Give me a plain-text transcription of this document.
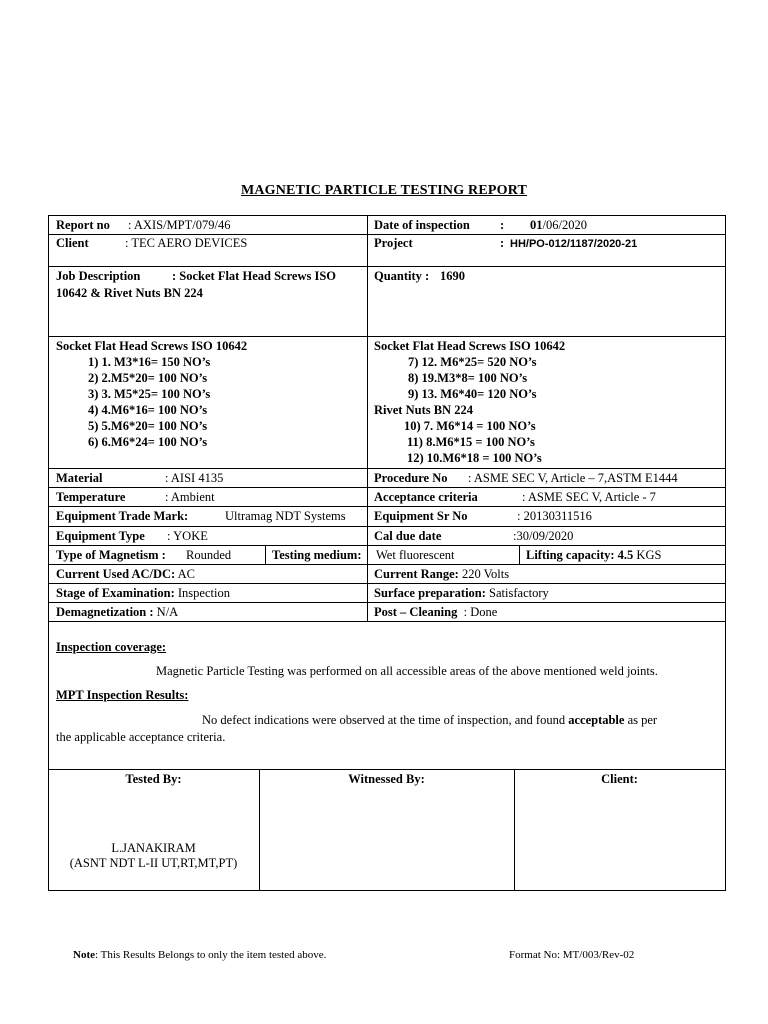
MAGNETIC PARTICLE TESTING REPORT
Report no : AXIS/MPT/079/46	Date of inspection : 01/06/2020
Client	: TEC AERO DEVICES	Project	: HH/PO-012/1187/2020-21
Job Description	: Socket Flat Head Screws ISO
10642 & Rivet Nuts BN 224
Quantity : 1690
Socket Flat Head Screws ISO 10642
1) 1. M3*16= 150 NO’s
2) 2.M5*20= 100 NO’s
3) 3. M5*25= 100 NO’s
4) 4.M6*16= 100 NO’s
5) 5.M6*20= 100 NO’s
6) 6.M6*24= 100 NO’s
Socket Flat Head Screws ISO 10642
7) 12. M6*25= 520 NO’s
8) 19.M3*8= 100 NO’s
9) 13. M6*40= 120 NO’s
Rivet Nuts BN 224
10) 7. M6*14 = 100 NO’s
11) 8.M6*15 = 100 NO’s
12) 10.M6*18 = 100 NO’s
Material	: AISI 4135	Procedure No : ASME SEC V, Article – 7,ASTM E1444
Temperature	: Ambient	Acceptance criteria	: ASME SEC V, Article - 7
Equipment Trade Mark:	Ultramag NDT Systems Equipment Sr No	: 20130311516
Equipment Type : YOKE	Cal due date	:30/09/2020
Type of Magnetism : Rounded	Testing medium: Wet fluorescent	Lifting capacity: 4.5 KGS
Current Used AC/DC: AC	Current Range: 220 Volts
Stage of Examination: Inspection	Surface preparation: Satisfactory
Demagnetization : N/A	Post – Cleaning : Done
Inspection coverage:
Magnetic Particle Testing was performed on all accessible areas of the above mentioned weld joints.
MPT Inspection Results:
No defect indications were observed at the time of inspection, and found acceptable as per
the applicable acceptance criteria.
Tested By:	Witnessed By:	Client:
L.JANAKIRAM
(ASNT NDT L-II UT,RT,MT,PT)
Note: This Results Belongs to only the item tested above.	Format No: MT/003/Rev-02
